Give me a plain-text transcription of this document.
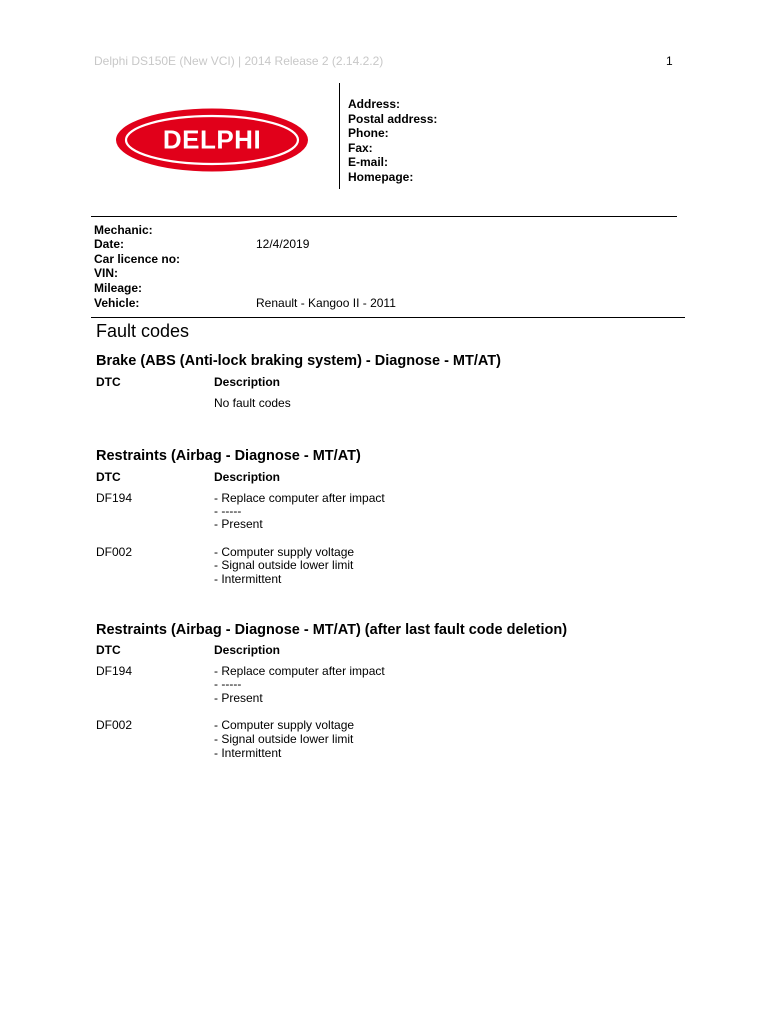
Delphi DS150E (New VCI) | 2014 Release 2 (2.14.2.2)	1
DELPHI
Address:
Postal address:
Phone:
Fax:
E-mail:
Homepage:
Mechanic:
Date:	12/4/2019
Car licence no:
VIN:
Mileage:
Vehicle:	Renault - Kangoo II - 2011
Fault codes
Brake (ABS (Anti-lock braking system) - Diagnose - MT/AT)
DTC	Description
No fault codes
Restraints (Airbag - Diagnose - MT/AT)
DTC	Description
DF194	- Replace computer after impact
- -----
- Present
DF002	- Computer supply voltage
- Signal outside lower limit
- Intermittent
Restraints (Airbag - Diagnose - MT/AT) (after last fault code deletion)
DTC	Description
DF194	- Replace computer after impact
- -----
- Present
DF002	- Computer supply voltage
- Signal outside lower limit
- Intermittent
